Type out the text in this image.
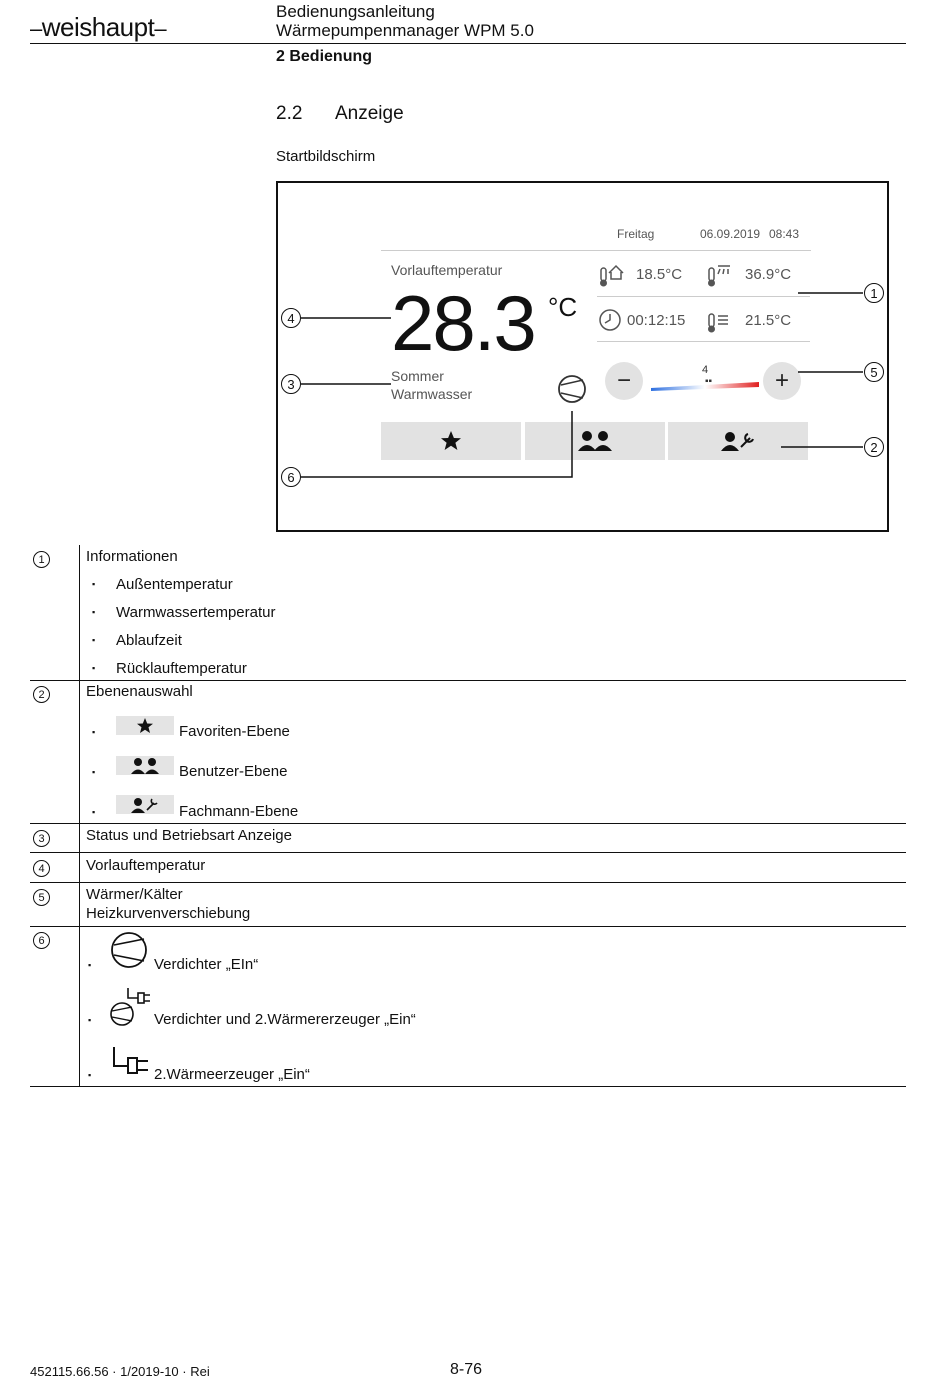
–weishaupt–
Bedienungsanleitung
Wärmepumpenmanager WPM 5.0
2 Bedienung
2.2 Anzeige
Startbildschirm
Freitag	06.09.2019 08:43
Vorlauftemperatur
28.3 °C
18.5°C	36.9°C
00:12:15	21.5°C
Sommer
Warmwasser	−	+
4
▪▪
1
2
3
4
5
6
1	Informationen
▪ Außentemperatur
▪ Warmwassertemperatur
▪ Ablaufzeit
▪ Rücklauftemperatur
2	Ebenenauswahl
▪	Favoriten-Ebene
▪	Benutzer-Ebene
▪	Fachmann-Ebene
3	Status und Betriebsart Anzeige
4	Vorlauftemperatur
5	Wärmer/Kälter
Heizkurvenverschiebung
6
▪	Verdichter „EIn“
▪	Verdichter und 2.Wärmererzeuger „Ein“
▪	2.Wärmeerzeuger „Ein“
452115.66.56 · 1/2019-10 · Rei	8-76
